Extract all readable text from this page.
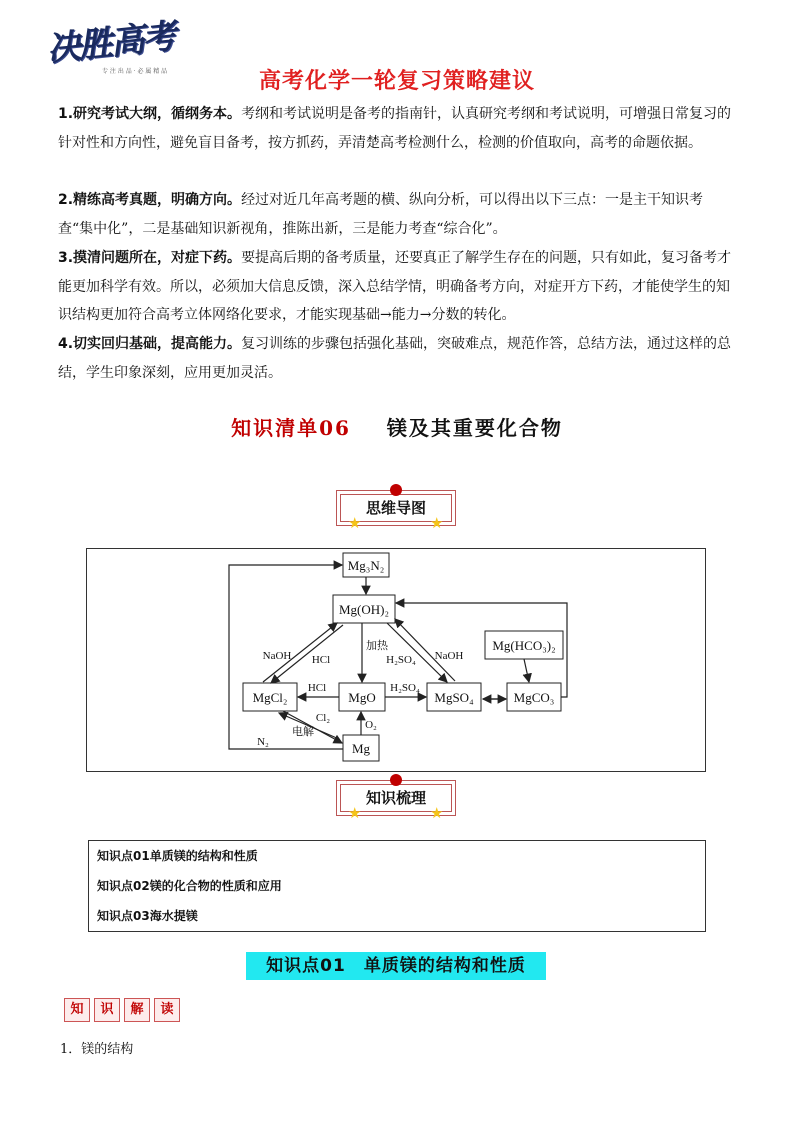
决胜高考
专 注 出 品 · 必 属 精 品	高考化学一轮复习策略建议
1.研究考试大纲，循纲务本。考纲和考试说明是备考的指南针，认真研究考纲和考试说明，可增强日常复习的针对性和方向性，避免盲目备考，按方抓药，弄清楚高考检测什么，检测的价值取向，高考的命题依据。
2.精练高考真题，明确方向。经过对近几年高考题的横、纵向分析，可以得出以下三点：一是主干知识考查“集中化”，二是基础知识新视角，推陈出新，三是能力考查“综合化”。
3.摸清问题所在，对症下药。要提高后期的备考质量，还要真正了解学生存在的问题，只有如此，复习备考才能更加科学有效。所以，必须加大信息反馈，深入总结学情，明确备考方向，对症开方下药，才能使学生的知识结构更加符合高考立体网络化要求，才能实现基础→能力→分数的转化。
4.切实回归基础，提高能力。复习训练的步骤包括强化基础，突破难点，规范作答，总结方法，通过这样的总结，学生印象深刻，应用更加灵活。
知识清单06 镁及其重要化合物
思维导图
★	★
Mg₃N₂
Mg(OH)₂
Mg(HCO₃)₂
MgCl₂	MgO	MgSO₄	MgCO₃
Mg
NaOH HCl
加热
H₂SO₄ NaOH
HCl	H₂SO₄
Cl₂
电解
O₂
N₂
知识梳理
★	★
知识点01单质镁的结构和性质
知识点02镁的化合物的性质和应用
知识点03海水提镁
知识点01　单质镁的结构和性质
知 识 解 读
1．镁的结构
